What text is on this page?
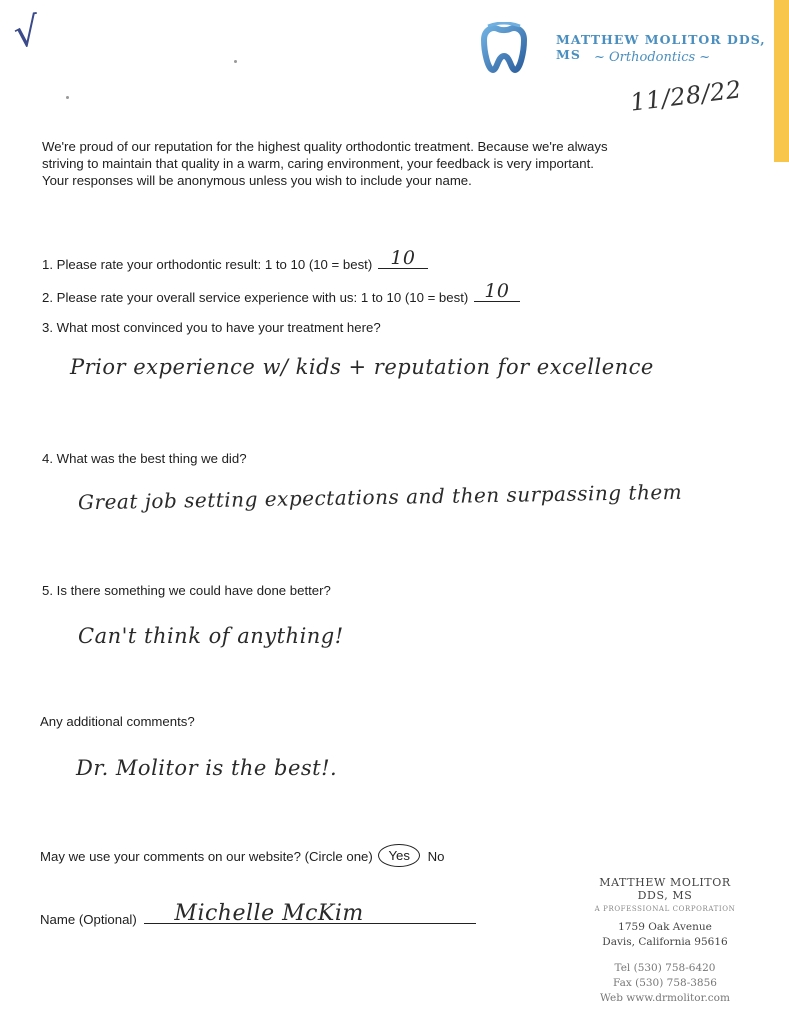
√	MATTHEW MOLITOR DDS, MS	~ Orthodontics ~
11/28/22
We're proud of our reputation for the highest quality orthodontic treatment. Because we're always
striving to maintain that quality in a warm, caring environment, your feedback is very important.
Your responses will be anonymous unless you wish to include your name.
1. Please rate your orthodontic result: 1 to 10 (10 = best) 10
2. Please rate your overall service experience with us: 1 to 10 (10 = best) 10
3. What most convinced you to have your treatment here?
Prior experience w/ kids + reputation for excellence
4. What was the best thing we did?
Great job setting expectations and then surpassing them
5. Is there something we could have done better?
Can't think of anything!
Any additional comments?
Dr. Molitor is the best!.
May we use your comments on our website? (Circle one) Yes No
Name (Optional) Michelle McKim
MATTHEW MOLITOR DDS, MS
A PROFESSIONAL CORPORATION
1759 Oak Avenue
Davis, California 95616
Tel (530) 758-6420
Fax (530) 758-3856
Web www.drmolitor.com
